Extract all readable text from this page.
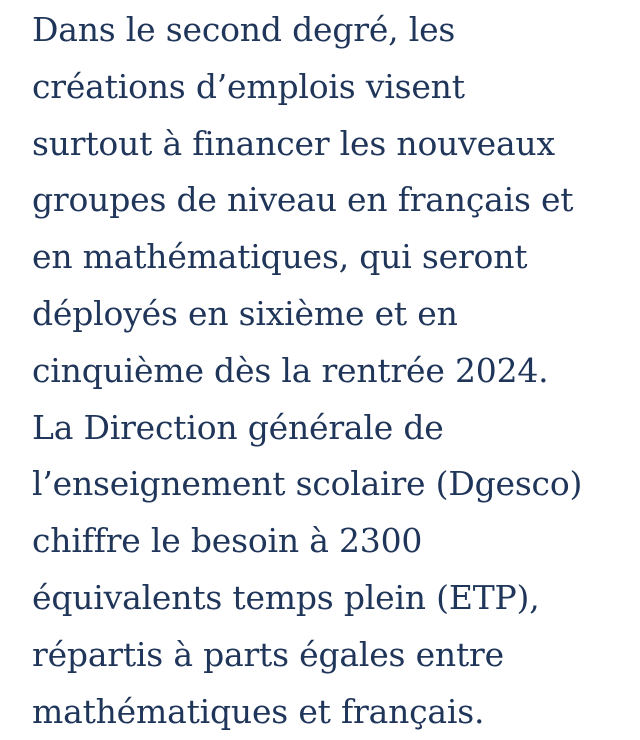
Dans le second degré, les
créations d’emplois visent
surtout à financer les nouveaux
groupes de niveau en français et
en mathématiques, qui seront
déployés en sixième et en
cinquième dès la rentrée 2024.
La Direction générale de
l’enseignement scolaire (Dgesco)
chiffre le besoin à 2300
équivalents temps plein (ETP),
répartis à parts égales entre
mathématiques et français.
